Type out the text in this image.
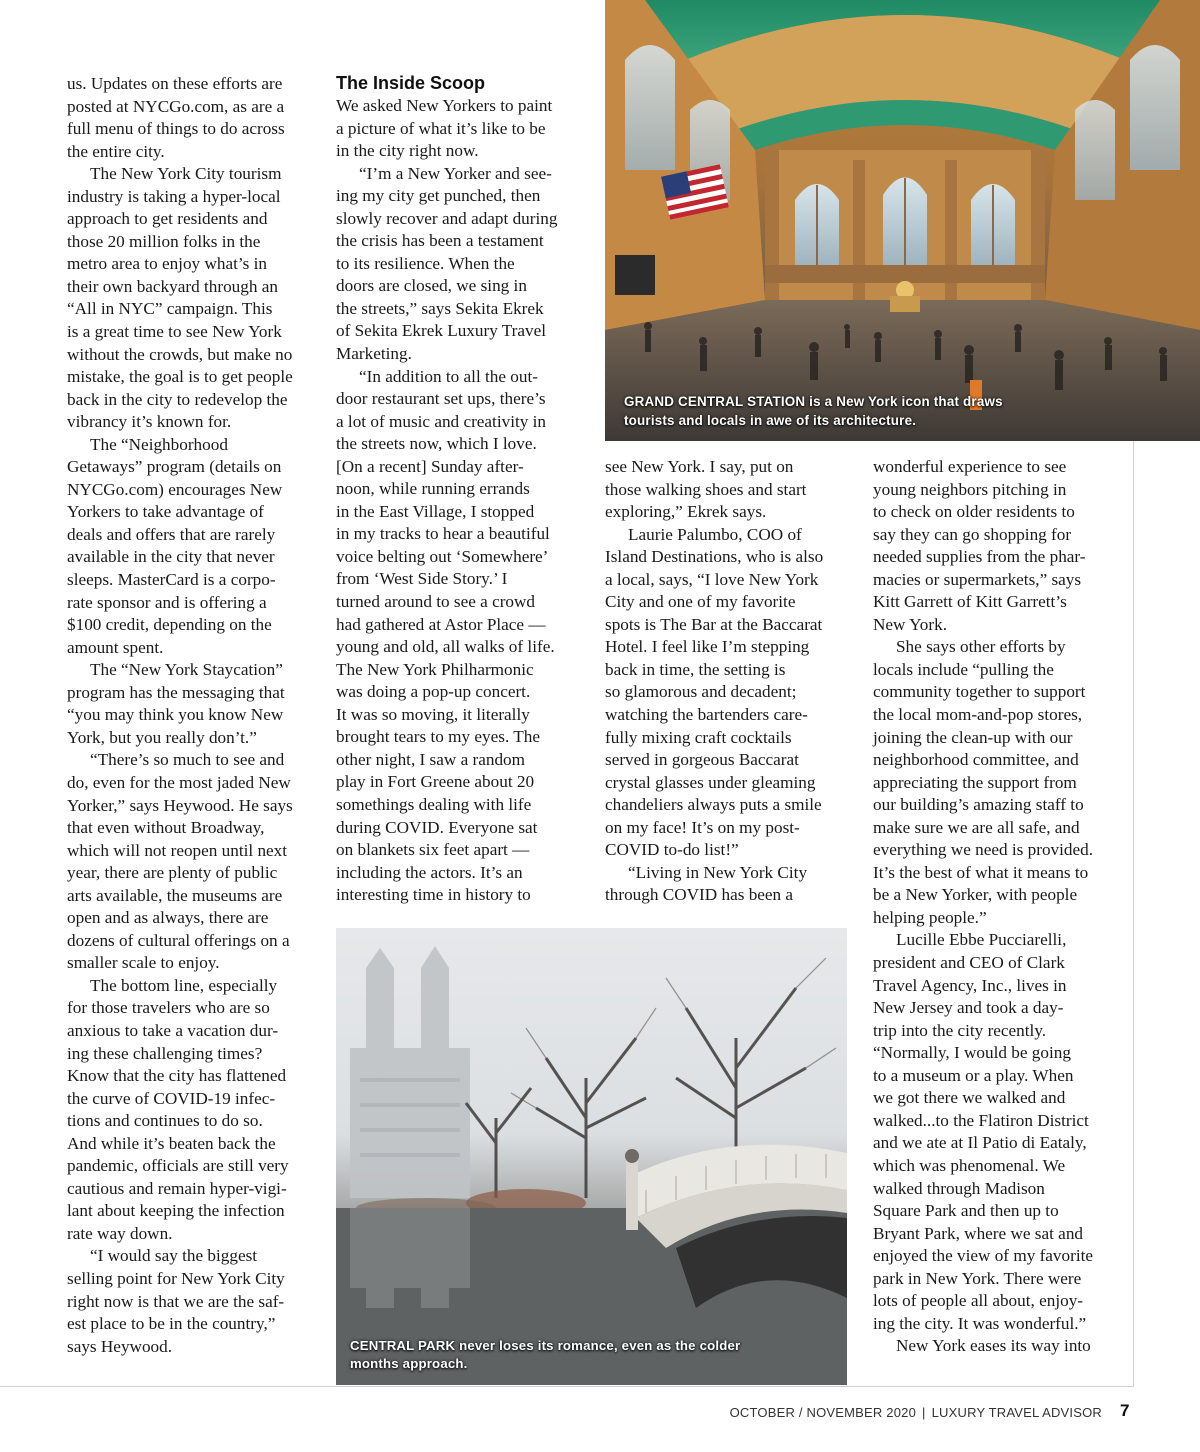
us. Updates on these efforts are
posted at NYCGo.com, as are a
full menu of things to do across
the entire city.

The New York City tourism
industry is taking a hyper-local
approach to get residents and
those 20 million folks in the
metro area to enjoy what’s in
their own backyard through an
“All in NYC” campaign. This
is a great time to see New York
without the crowds, but make no
mistake, the goal is to get people
back in the city to redevelop the
vibrancy it’s known for.

The “Neighborhood
Getaways” program (details on
NYCGo.com) encourages New
Yorkers to take advantage of
deals and offers that are rarely
available in the city that never
sleeps. MasterCard is a corpo-
rate sponsor and is offering a
$100 credit, depending on the
amount spent.

The “New York Staycation”
program has the messaging that
“you may think you know New
York, but you really don’t.”

“There’s so much to see and
do, even for the most jaded New
Yorker,” says Heywood. He says
that even without Broadway,
which will not reopen until next
year, there are plenty of public
arts available, the museums are
open and as always, there are
dozens of cultural offerings on a
smaller scale to enjoy.

The bottom line, especially
for those travelers who are so
anxious to take a vacation dur-
ing these challenging times?
Know that the city has flattened
the curve of COVID-19 infec-
tions and continues to do so.
And while it’s beaten back the
pandemic, officials are still very
cautious and remain hyper-vigi-
lant about keeping the infection
rate way down.

“I would say the biggest
selling point for New York City
right now is that we are the saf-
est place to be in the country,”
says Heywood.

The Inside Scoop

We asked New Yorkers to paint
a picture of what it’s like to be
in the city right now.

“I’m a New Yorker and see-
ing my city get punched, then
slowly recover and adapt during
the crisis has been a testament
to its resilience. When the
doors are closed, we sing in
the streets,” says Sekita Ekrek
of Sekita Ekrek Luxury Travel
Marketing.

“In addition to all the out-
door restaurant set ups, there’s
a lot of music and creativity in
the streets now, which I love.
[On a recent] Sunday after-
noon, while running errands
in the East Village, I stopped
in my tracks to hear a beautiful
voice belting out ‘Somewhere’
from ‘West Side Story.’ I
turned around to see a crowd
had gathered at Astor Place —
young and old, all walks of life.
The New York Philharmonic
was doing a pop-up concert.
It was so moving, it literally
brought tears to my eyes. The
other night, I saw a random
play in Fort Greene about 20
somethings dealing with life
during COVID. Everyone sat
on blankets six feet apart —
including the actors. It’s an
interesting time in history to

see New York. I say, put on
those walking shoes and start
exploring,” Ekrek says.

Laurie Palumbo, COO of
Island Destinations, who is also
a local, says, “I love New York
City and one of my favorite
spots is The Bar at the Baccarat
Hotel. I feel like I’m stepping
back in time, the setting is
so glamorous and decadent;
watching the bartenders care-
fully mixing craft cocktails
served in gorgeous Baccarat
crystal glasses under gleaming
chandeliers always puts a smile
on my face! It’s on my post-
COVID to-do list!”

“Living in New York City
through COVID has been a

wonderful experience to see
young neighbors pitching in
to check on older residents to
say they can go shopping for
needed supplies from the phar-
macies or supermarkets,” says
Kitt Garrett of Kitt Garrett’s
New York.

She says other efforts by
locals include “pulling the
community together to support
the local mom-and-pop stores,
joining the clean-up with our
neighborhood committee, and
appreciating the support from
our building’s amazing staff to
make sure we are all safe, and
everything we need is provided.
It’s the best of what it means to
be a New Yorker, with people
helping people.”

Lucille Ebbe Pucciarelli,
president and CEO of Clark
Travel Agency, Inc., lives in
New Jersey and took a day-
trip into the city recently.
“Normally, I would be going
to a museum or a play. When
we got there we walked and
walked...to the Flatiron District
and we ate at Il Patio di Eataly,
which was phenomenal. We
walked through Madison
Square Park and then up to
Bryant Park, where we sat and
enjoyed the view of my favorite
park in New York. There were
lots of people all about, enjoy-
ing the city. It was wonderful.”

New York eases its way into

GRAND CENTRAL STATION is a New York icon that draws
tourists and locals in awe of its architecture.
CENTRAL PARK never loses its romance, even as the colder
months approach.
OCTOBER / NOVEMBER 2020 | LUXURY TRAVEL ADVISOR 7
